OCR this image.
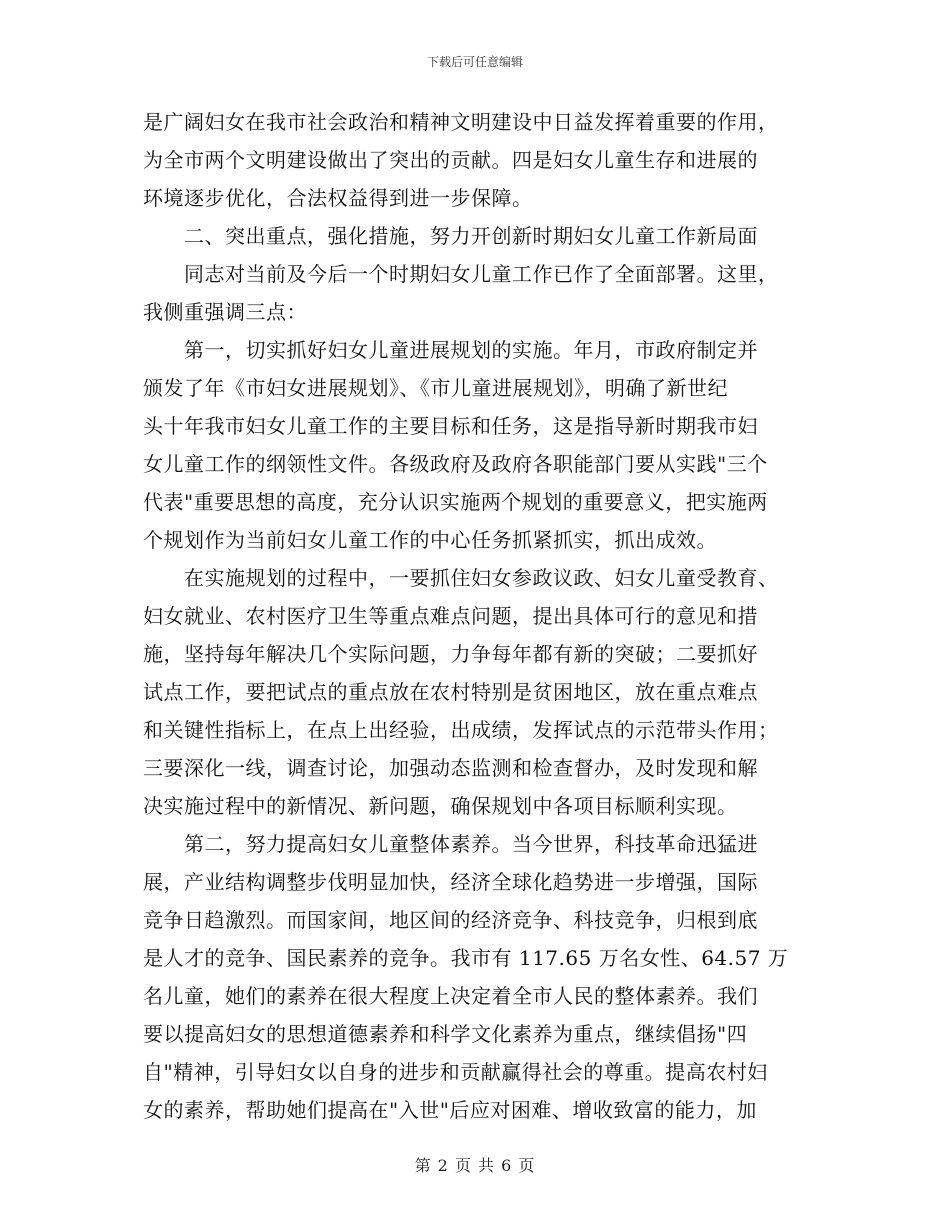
下载后可任意编辑
是广阔妇女在我市社会政治和精神文明建设中日益发挥着重要的作用，
为全市两个文明建设做出了突出的贡献。四是妇女儿童生存和进展的
环境逐步优化，合法权益得到进一步保障。
　　二、突出重点，强化措施，努力开创新时期妇女儿童工作新局面
　　同志对当前及今后一个时期妇女儿童工作已作了全面部署。这里，
我侧重强调三点：
　　第一，切实抓好妇女儿童进展规划的实施。年月，市政府制定并
颁发了年《市妇女进展规划》、《市儿童进展规划》，明确了新世纪
头十年我市妇女儿童工作的主要目标和任务，这是指导新时期我市妇
女儿童工作的纲领性文件。各级政府及政府各职能部门要从实践"三个
代表"重要思想的高度，充分认识实施两个规划的重要意义，把实施两
个规划作为当前妇女儿童工作的中心任务抓紧抓实，抓出成效。
　　在实施规划的过程中，一要抓住妇女参政议政、妇女儿童受教育、
妇女就业、农村医疗卫生等重点难点问题，提出具体可行的意见和措
施，坚持每年解决几个实际问题，力争每年都有新的突破；二要抓好
试点工作，要把试点的重点放在农村特别是贫困地区，放在重点难点
和关键性指标上，在点上出经验，出成绩，发挥试点的示范带头作用；
三要深化一线，调查讨论，加强动态监测和检查督办，及时发现和解
决实施过程中的新情况、新问题，确保规划中各项目标顺利实现。
　　第二，努力提高妇女儿童整体素养。当今世界，科技革命迅猛进
展，产业结构调整步伐明显加快，经济全球化趋势进一步增强，国际
竞争日趋激烈。而国家间，地区间的经济竞争、科技竞争，归根到底
是人才的竞争、国民素养的竞争。我市有 117.65 万名女性、64.57 万
名儿童，她们的素养在很大程度上决定着全市人民的整体素养。我们
要以提高妇女的思想道德素养和科学文化素养为重点，继续倡扬"四
自"精神，引导妇女以自身的进步和贡献赢得社会的尊重。提高农村妇
女的素养，帮助她们提高在"入世"后应对困难、增收致富的能力，加
第 2 页 共 6 页
